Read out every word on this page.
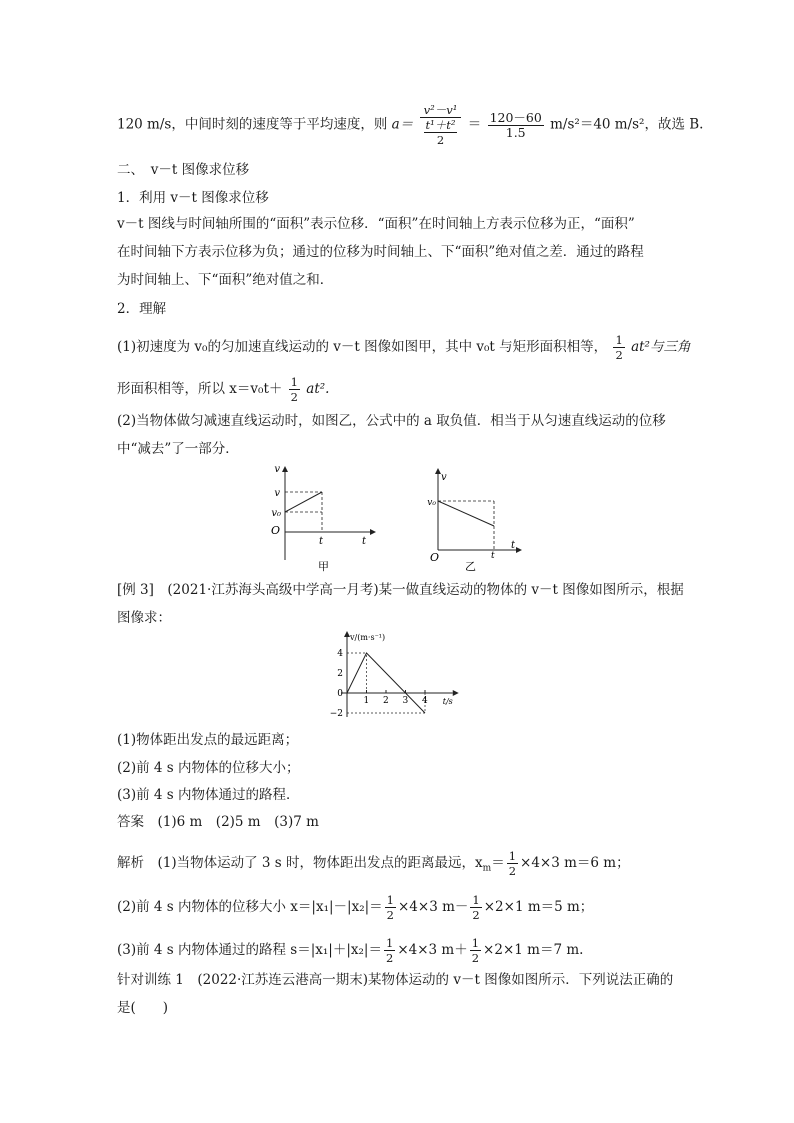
120 m/s，中间时刻的速度等于平均速度，则 $a= \frac{\text{v²－v¹}}{\frac{\text{t¹＋t²}}{2}} = \frac{120-60}{1.5} m/s^2=40$ m/s²，故选 B.
二、　v－t 图像求位移
1．利用 v－t 图像求位移
v－t 图线与时间轴所围的“面积”表示位移．“面积”在时间轴上方表示位移为正，“面积”
在时间轴下方表示位移为负；通过的位移为时间轴上、下“面积”绝对值之差．通过的路程
为时间轴上、下“面积”绝对值之和．
2．理解
(1)初速度为 v₀的匀加速直线运动的 v－t 图像如图甲，其中 v₀t 与矩形面积相等， $\frac{1}{2} at^2$与三角
形面积相等，所以 $x=v_0t+ \frac{1}{2} at^2$.
(2)当物体做匀减速直线运动时，如图乙，公式中的 a 取负值．相当于从匀速直线运动的位移
中“减去”了一部分．
v
v
v₀
O
t	t
甲
v
v₀
O	t
t
乙
[例 3]　(2021·江苏海头高级中学高一月考)某一做直线运动的物体的 v－t 图像如图所示，根据
图像求：
v/(m·s⁻¹)
t/s
1 2 3 4
4
2
0
−2
(1)物体距出发点的最远距离；
(2)前 4 s 内物体的位移大小；
(3)前 4 s 内物体通过的路程．
答案　(1)6 m　(2)5 m　(3)7 m
解析　(1)当物体运动了 3 s 时，物体距出发点的距离最远，$x_m= \frac{1}{2} \times 4\times 3$ m＝6 m；
(2)前 4 s 内物体的位移大小 $x=|x_1|-|x_2|= \frac{1}{2} \times 4\times 3$ $m- \frac{1}{2} \times 2\times 1$ m＝5 m；
(3)前 4 s 内物体通过的路程 $s=|x_1|+|x_2|= \frac{1}{2} \times 4\times 3$ $m+ \frac{1}{2} \times 2\times 1$ m＝7 m.
针对训练 1　(2022·江苏连云港高一期末)某物体运动的 v－t 图像如图所示．下列说法正确的
是(　　)
